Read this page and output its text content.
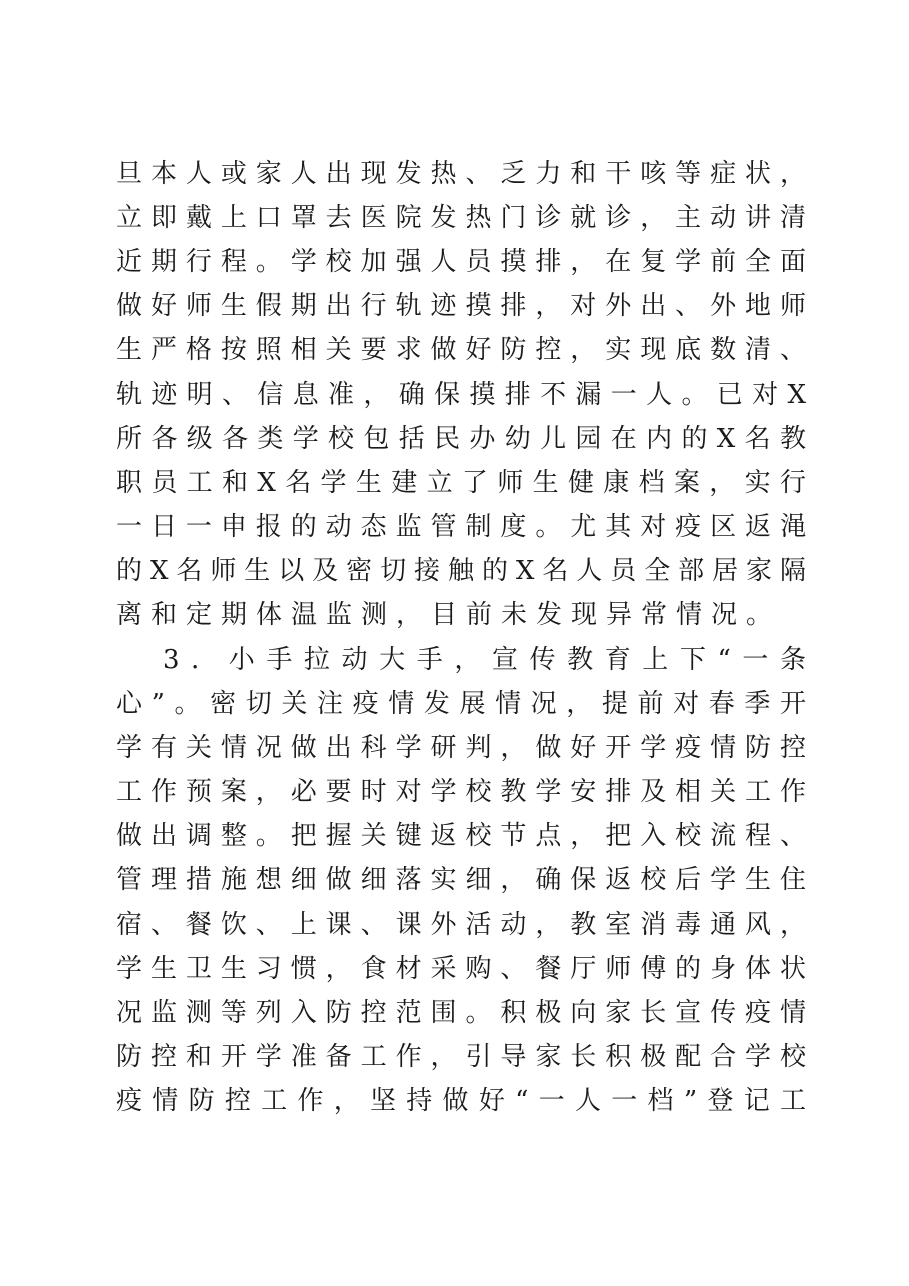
旦本人或家人出现发热、乏力和干咳等症状，
立即戴上口罩去医院发热门诊就诊，主动讲清
近期行程。学校加强人员摸排，在复学前全面
做好师生假期出行轨迹摸排，对外出、外地师
生严格按照相关要求做好防控，实现底数清、
轨迹明、信息准，确保摸排不漏一人。已对X
所各级各类学校包括民办幼儿园在内的X名教
职员工和X名学生建立了师生健康档案，实行
一日一申报的动态监管制度。尤其对疫区返渑
的X名师生以及密切接触的X名人员全部居家隔
离和定期体温监测，目前未发现异常情况。
3．小手拉动大手，宣传教育上下“一条
心”。密切关注疫情发展情况，提前对春季开
学有关情况做出科学研判，做好开学疫情防控
工作预案，必要时对学校教学安排及相关工作
做出调整。把握关键返校节点，把入校流程、
管理措施想细做细落实细，确保返校后学生住
宿、餐饮、上课、课外活动，教室消毒通风，
学生卫生习惯，食材采购、餐厅师傅的身体状
况监测等列入防控范围。积极向家长宣传疫情
防控和开学准备工作，引导家长积极配合学校
疫情防控工作，坚持做好“一人一档”登记工
